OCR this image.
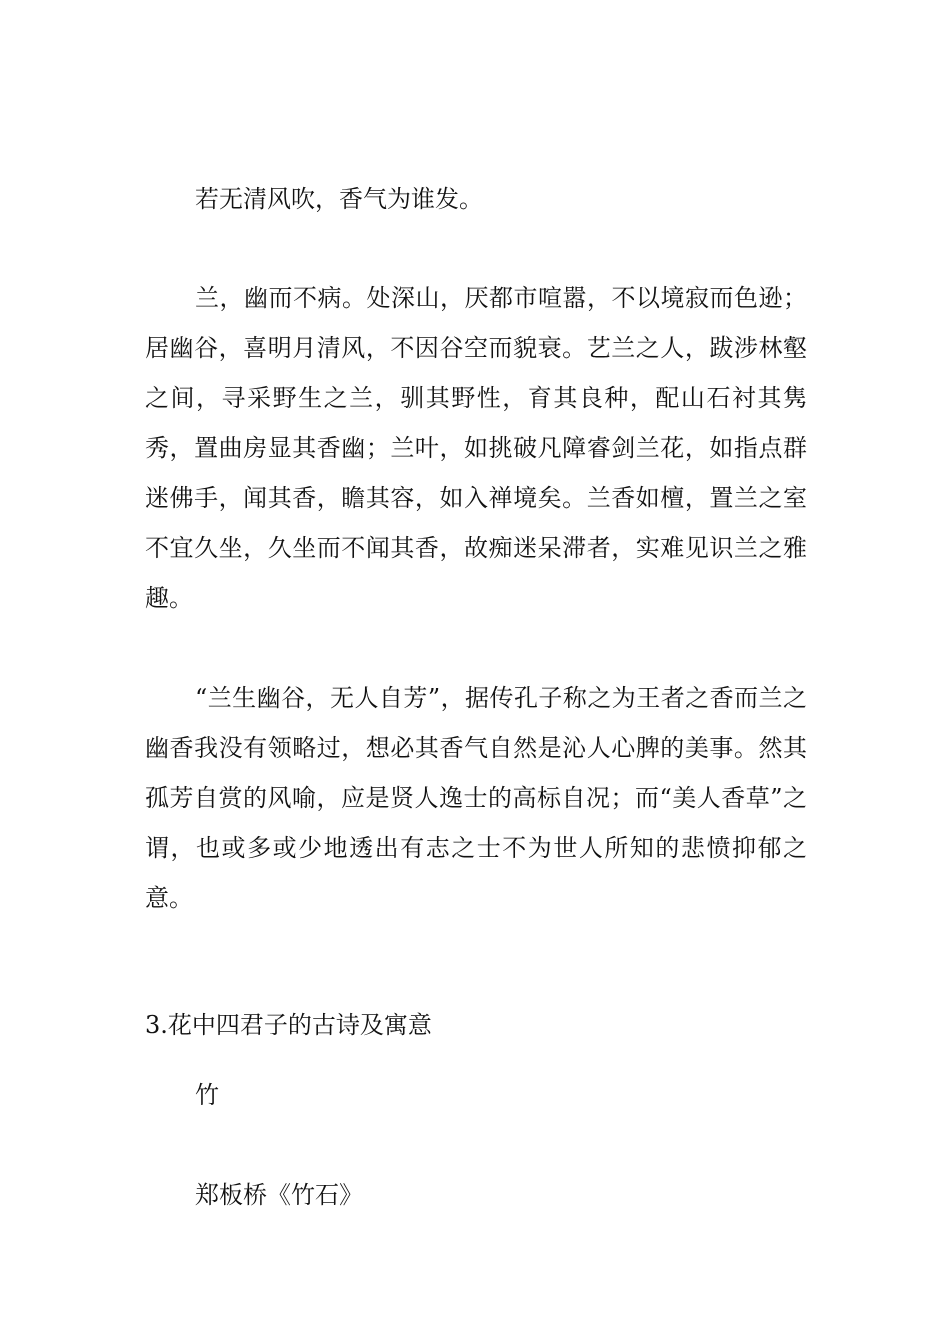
若无清风吹，香气为谁发。

兰，幽而不病。处深山，厌都市喧嚣，不以境寂而色逊；居幽谷，喜明月清风，不因谷空而貌衰。艺兰之人，跋涉林壑之间，寻采野生之兰，驯其野性，育其良种，配山石衬其隽秀，置曲房显其香幽；兰叶，如挑破凡障睿剑兰花，如指点群迷佛手，闻其香，瞻其容，如入禅境矣。兰香如檀，置兰之室不宜久坐，久坐而不闻其香，故痴迷呆滞者，实难见识兰之雅趣。

“兰生幽谷，无人自芳”，据传孔子称之为王者之香而兰之幽香我没有领略过，想必其香气自然是沁人心脾的美事。然其孤芳自赏的风喻，应是贤人逸士的高标自况；而“美人香草”之谓，也或多或少地透出有志之士不为世人所知的悲愤抑郁之意。

3.花中四君子的古诗及寓意

竹

郑板桥《竹石》
